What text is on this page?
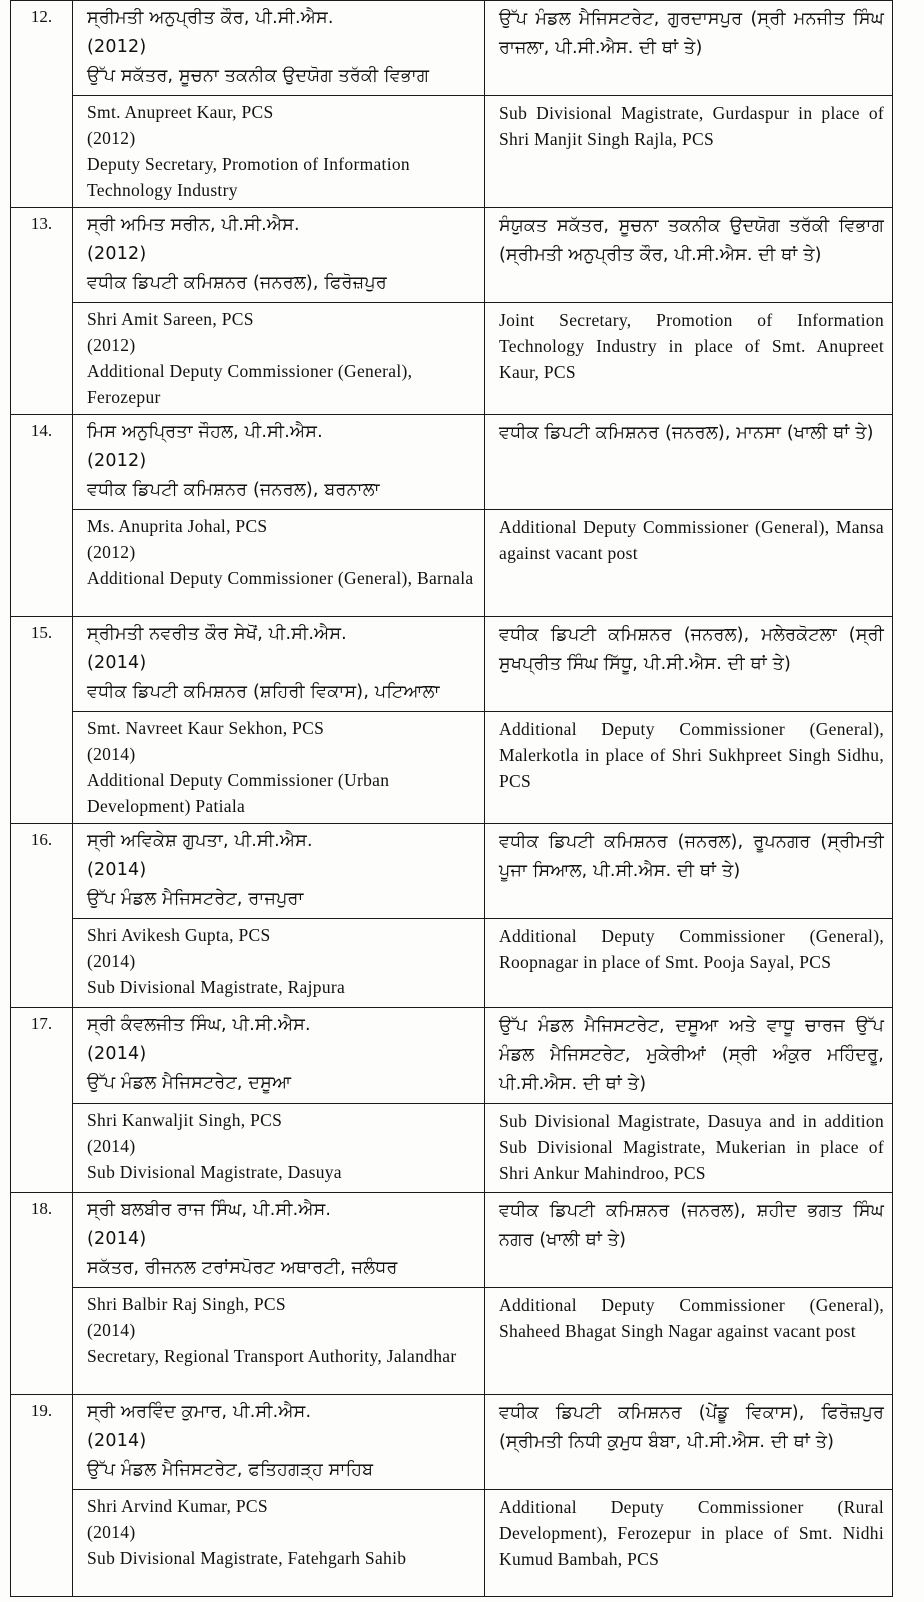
12.	ਸ੍ਰੀਮਤੀ ਅਨੁਪ੍ਰੀਤ ਕੌਰ, ਪੀ.ਸੀ.ਐਸ.
(2012)
ਉੱਪ ਸਕੱਤਰ, ਸੂਚਨਾ ਤਕਨੀਕ ਉਦਯੋਗ ਤਰੱਕੀ ਵਿਭਾਗ	ਉੱਪ ਮੰਡਲ ਮੈਜਿਸਟਰੇਟ, ਗੁਰਦਾਸਪੁਰ (ਸ੍ਰੀ ਮਨਜੀਤ ਸਿੰਘ ਰਾਜਲਾ, ਪੀ.ਸੀ.ਐਸ. ਦੀ ਥਾਂ ਤੇ)

	Smt. Anupreet Kaur, PCS
(2012)
Deputy Secretary, Promotion of Information Technology Industry	Sub Divisional Magistrate, Gurdaspur in place of Shri Manjit Singh Rajla, PCS

13.	ਸ੍ਰੀ ਅਮਿਤ ਸਰੀਨ, ਪੀ.ਸੀ.ਐਸ.
(2012)
ਵਧੀਕ ਡਿਪਟੀ ਕਮਿਸ਼ਨਰ (ਜਨਰਲ), ਫਿਰੋਜ਼ਪੁਰ	ਸੰਯੁਕਤ ਸਕੱਤਰ, ਸੂਚਨਾ ਤਕਨੀਕ ਉਦਯੋਗ ਤਰੱਕੀ ਵਿਭਾਗ (ਸ੍ਰੀਮਤੀ ਅਨੁਪ੍ਰੀਤ ਕੌਰ, ਪੀ.ਸੀ.ਐਸ. ਦੀ ਥਾਂ ਤੇ)

	Shri Amit Sareen, PCS
(2012)
Additional Deputy Commissioner (General), Ferozepur	Joint Secretary, Promotion of Information Technology Industry in place of Smt. Anupreet Kaur, PCS

14.	ਮਿਸ ਅਨੁਪ੍ਰਿਤਾ ਜੌਹਲ, ਪੀ.ਸੀ.ਐਸ.
(2012)
ਵਧੀਕ ਡਿਪਟੀ ਕਮਿਸ਼ਨਰ (ਜਨਰਲ), ਬਰਨਾਲਾ	ਵਧੀਕ ਡਿਪਟੀ ਕਮਿਸ਼ਨਰ (ਜਨਰਲ), ਮਾਨਸਾ (ਖਾਲੀ ਥਾਂ ਤੇ)

	Ms. Anuprita Johal, PCS
(2012)
Additional Deputy Commissioner (General), Barnala	Additional Deputy Commissioner (General), Mansa against vacant post

15.	ਸ੍ਰੀਮਤੀ ਨਵਰੀਤ ਕੌਰ ਸੇਖੋਂ, ਪੀ.ਸੀ.ਐਸ.
(2014)
ਵਧੀਕ ਡਿਪਟੀ ਕਮਿਸ਼ਨਰ (ਸ਼ਹਿਰੀ ਵਿਕਾਸ), ਪਟਿਆਲਾ	ਵਧੀਕ ਡਿਪਟੀ ਕਮਿਸ਼ਨਰ (ਜਨਰਲ), ਮਲੇਰਕੋਟਲਾ (ਸ੍ਰੀ ਸੁਖਪ੍ਰੀਤ ਸਿੰਘ ਸਿੱਧੂ, ਪੀ.ਸੀ.ਐਸ. ਦੀ ਥਾਂ ਤੇ)

	Smt. Navreet Kaur Sekhon, PCS
(2014)
Additional Deputy Commissioner (Urban Development) Patiala	Additional Deputy Commissioner (General), Malerkotla in place of Shri Sukhpreet Singh Sidhu, PCS

16.	ਸ੍ਰੀ ਅਵਿਕੇਸ਼ ਗੁਪਤਾ, ਪੀ.ਸੀ.ਐਸ.
(2014)
ਉੱਪ ਮੰਡਲ ਮੈਜਿਸਟਰੇਟ, ਰਾਜਪੁਰਾ	ਵਧੀਕ ਡਿਪਟੀ ਕਮਿਸ਼ਨਰ (ਜਨਰਲ), ਰੂਪਨਗਰ (ਸ੍ਰੀਮਤੀ ਪੂਜਾ ਸਿਆਲ, ਪੀ.ਸੀ.ਐਸ. ਦੀ ਥਾਂ ਤੇ)

	Shri Avikesh Gupta, PCS
(2014)
Sub Divisional Magistrate, Rajpura	Additional Deputy Commissioner (General), Roopnagar in place of Smt. Pooja Sayal, PCS

17.	ਸ੍ਰੀ ਕੰਵਲਜੀਤ ਸਿੰਘ, ਪੀ.ਸੀ.ਐਸ.
(2014)
ਉੱਪ ਮੰਡਲ ਮੈਜਿਸਟਰੇਟ, ਦਸੂਆ	ਉੱਪ ਮੰਡਲ ਮੈਜਿਸਟਰੇਟ, ਦਸੂਆ ਅਤੇ ਵਾਧੂ ਚਾਰਜ ਉੱਪ ਮੰਡਲ ਮੈਜਿਸਟਰੇਟ, ਮੁਕੇਰੀਆਂ (ਸ੍ਰੀ ਅੰਕੁਰ ਮਹਿੰਦਰੂ, ਪੀ.ਸੀ.ਐਸ. ਦੀ ਥਾਂ ਤੇ)

	Shri Kanwaljit Singh, PCS
(2014)
Sub Divisional Magistrate, Dasuya	Sub Divisional Magistrate, Dasuya and in addition Sub Divisional Magistrate, Mukerian in place of Shri Ankur Mahindroo, PCS

18.	ਸ੍ਰੀ ਬਲਬੀਰ ਰਾਜ ਸਿੰਘ, ਪੀ.ਸੀ.ਐਸ.
(2014)
ਸਕੱਤਰ, ਰੀਜਨਲ ਟਰਾਂਸਪੋਰਟ ਅਥਾਰਟੀ, ਜਲੰਧਰ	ਵਧੀਕ ਡਿਪਟੀ ਕਮਿਸ਼ਨਰ (ਜਨਰਲ), ਸ਼ਹੀਦ ਭਗਤ ਸਿੰਘ ਨਗਰ (ਖਾਲੀ ਥਾਂ ਤੇ)

	Shri Balbir Raj Singh, PCS
(2014)
Secretary, Regional Transport Authority, Jalandhar	Additional Deputy Commissioner (General), Shaheed Bhagat Singh Nagar against vacant post

19.	ਸ੍ਰੀ ਅਰਵਿੰਦ ਕੁਮਾਰ, ਪੀ.ਸੀ.ਐਸ.
(2014)
ਉੱਪ ਮੰਡਲ ਮੈਜਿਸਟਰੇਟ, ਫਤਿਹਗੜ੍ਹ ਸਾਹਿਬ	ਵਧੀਕ ਡਿਪਟੀ ਕਮਿਸ਼ਨਰ (ਪੇਂਡੂ ਵਿਕਾਸ), ਫਿਰੋਜ਼ਪੁਰ (ਸ੍ਰੀਮਤੀ ਨਿਧੀ ਕੁਮੁਧ ਬੰਬਾ, ਪੀ.ਸੀ.ਐਸ. ਦੀ ਥਾਂ ਤੇ)

	Shri Arvind Kumar, PCS
(2014)
Sub Divisional Magistrate, Fatehgarh Sahib	Additional Deputy Commissioner (Rural Development), Ferozepur in place of Smt. Nidhi Kumud Bambah, PCS
